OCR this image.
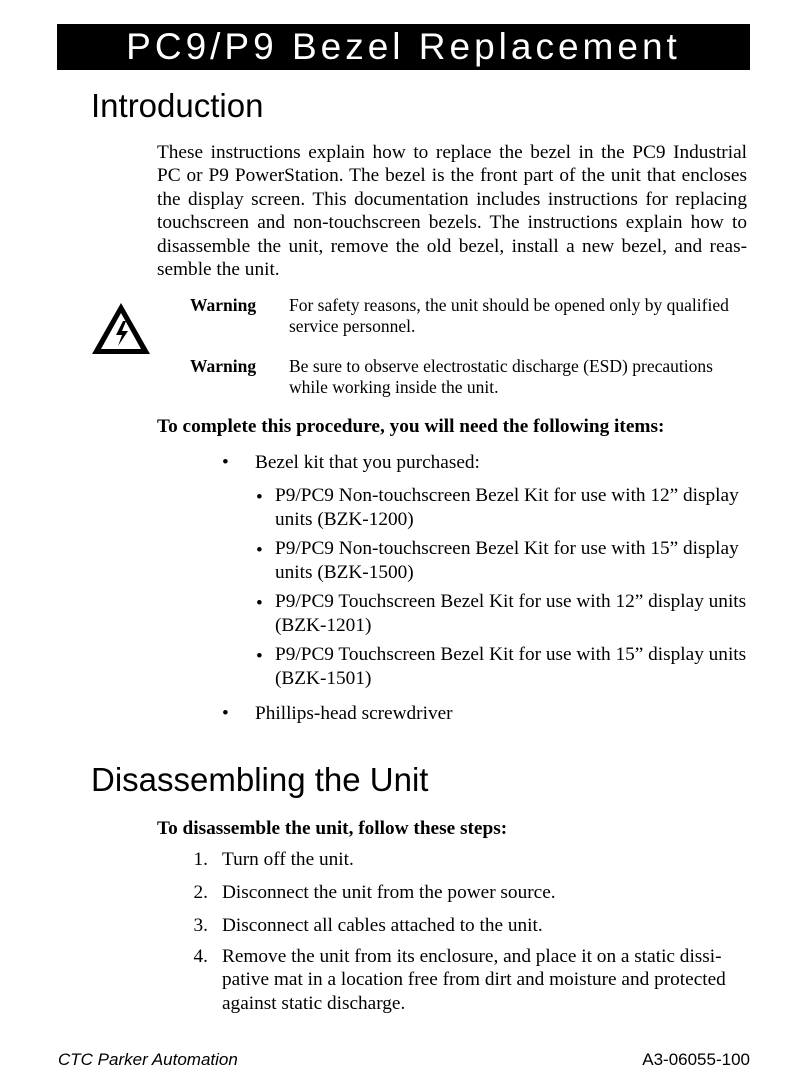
PC9/P9 Bezel Replacement
Introduction
These instructions explain how to replace the bezel in the PC9 Industrial
PC or P9 PowerStation. The bezel is the front part of the unit that encloses
the display screen. This documentation includes instructions for replacing
touchscreen and non-touchscreen bezels. The instructions explain how to
disassemble the unit, remove the old bezel, install a new bezel, and reas-
semble the unit.
Warning For safety reasons, the unit should be opened only by qualified service personnel.
Warning Be sure to observe electrostatic discharge (ESD) precautions while working inside the unit.
To complete this procedure, you will need the following items:
• Bezel kit that you purchased:
• P9/PC9 Non-touchscreen Bezel Kit for use with 12” display units (BZK-1200)
• P9/PC9 Non-touchscreen Bezel Kit for use with 15” display units (BZK-1500)
• P9/PC9 Touchscreen Bezel Kit for use with 12” display units (BZK-1201)
• P9/PC9 Touchscreen Bezel Kit for use with 15” display units (BZK-1501)
• Phillips-head screwdriver
Disassembling the Unit
To disassemble the unit, follow these steps:
1. Turn off the unit.
2. Disconnect the unit from the power source.
3. Disconnect all cables attached to the unit.
4. Remove the unit from its enclosure, and place it on a static dissipative mat in a location free from dirt and moisture and protected against static discharge.
CTC Parker Automation	A3-06055-100
